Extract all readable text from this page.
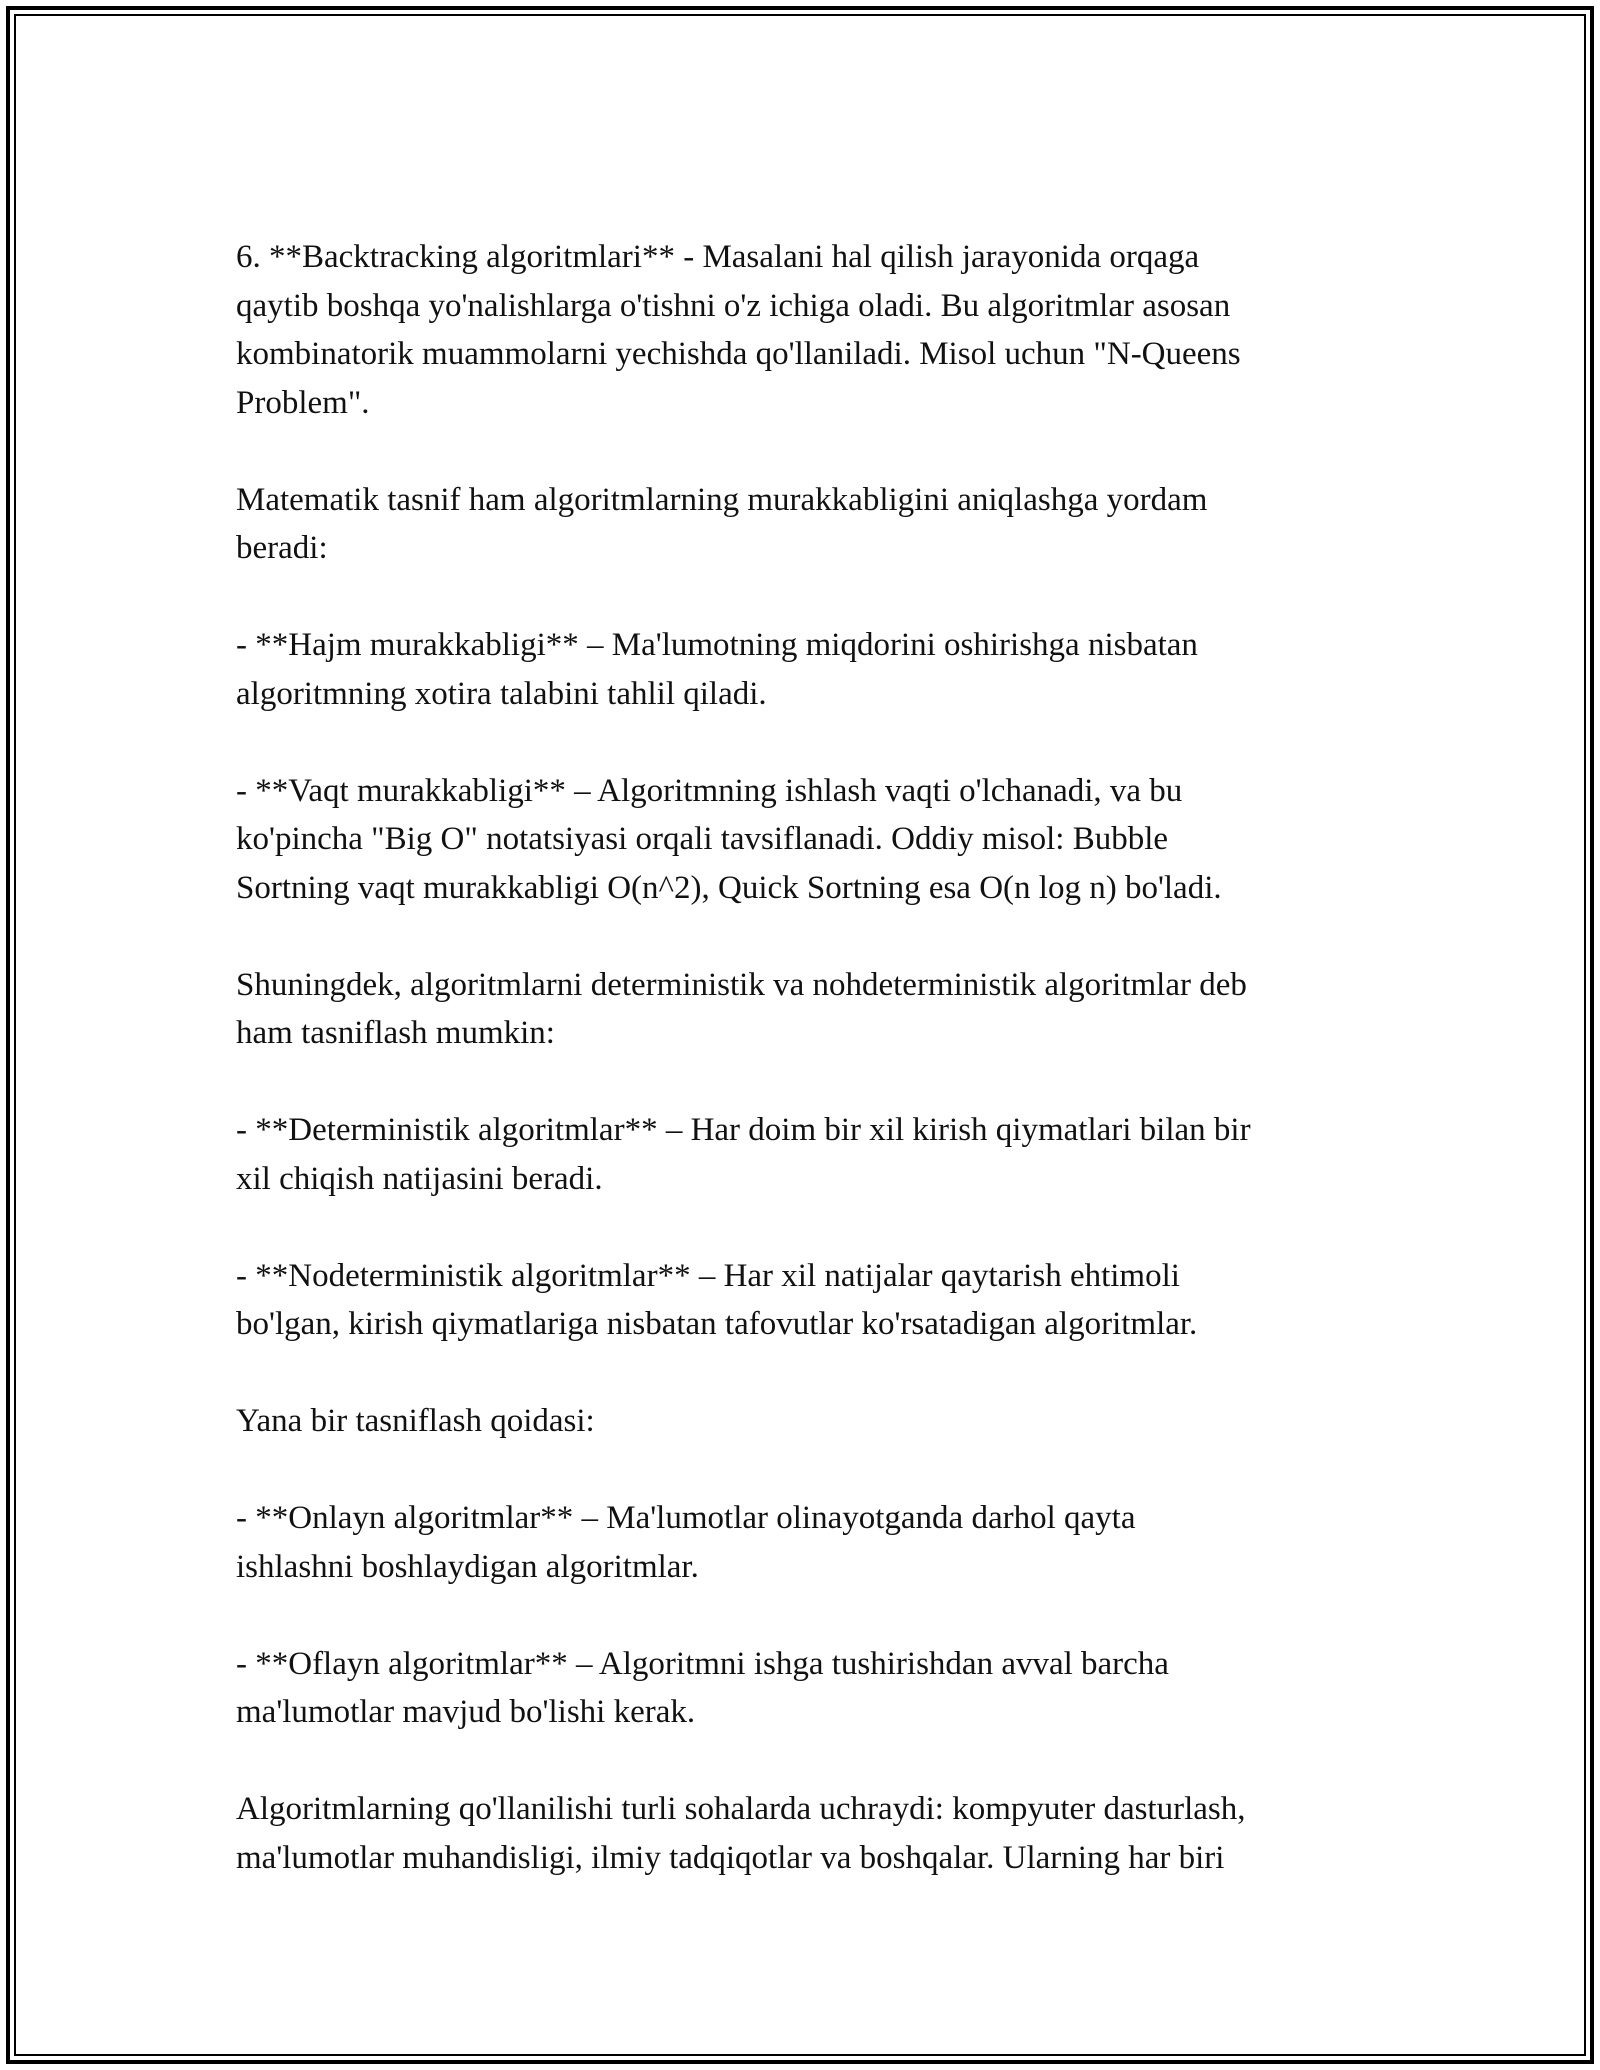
6. **Backtracking algoritmlari** - Masalani hal qilish jarayonida orqaga
qaytib boshqa yo'nalishlarga o'tishni o'z ichiga oladi. Bu algoritmlar asosan
kombinatorik muammolarni yechishda qo'llaniladi. Misol uchun "N-Queens
Problem".

Matematik tasnif ham algoritmlarning murakkabligini aniqlashga yordam
beradi:

- **Hajm murakkabligi** – Ma'lumotning miqdorini oshirishga nisbatan
algoritmning xotira talabini tahlil qiladi.

- **Vaqt murakkabligi** – Algoritmning ishlash vaqti o'lchanadi, va bu
ko'pincha "Big O" notatsiyasi orqali tavsiflanadi. Oddiy misol: Bubble
Sortning vaqt murakkabligi O(n^2), Quick Sortning esa O(n log n) bo'ladi.

Shuningdek, algoritmlarni deterministik va nohdeterministik algoritmlar deb
ham tasniflash mumkin:

- **Deterministik algoritmlar** – Har doim bir xil kirish qiymatlari bilan bir
xil chiqish natijasini beradi.

- **Nodeterministik algoritmlar** – Har xil natijalar qaytarish ehtimoli
bo'lgan, kirish qiymatlariga nisbatan tafovutlar ko'rsatadigan algoritmlar.

Yana bir tasniflash qoidasi:

- **Onlayn algoritmlar** – Ma'lumotlar olinayotganda darhol qayta
ishlashni boshlaydigan algoritmlar.

- **Oflayn algoritmlar** – Algoritmni ishga tushirishdan avval barcha
ma'lumotlar mavjud bo'lishi kerak.

Algoritmlarning qo'llanilishi turli sohalarda uchraydi: kompyuter dasturlash,
ma'lumotlar muhandisligi, ilmiy tadqiqotlar va boshqalar. Ularning har biri
